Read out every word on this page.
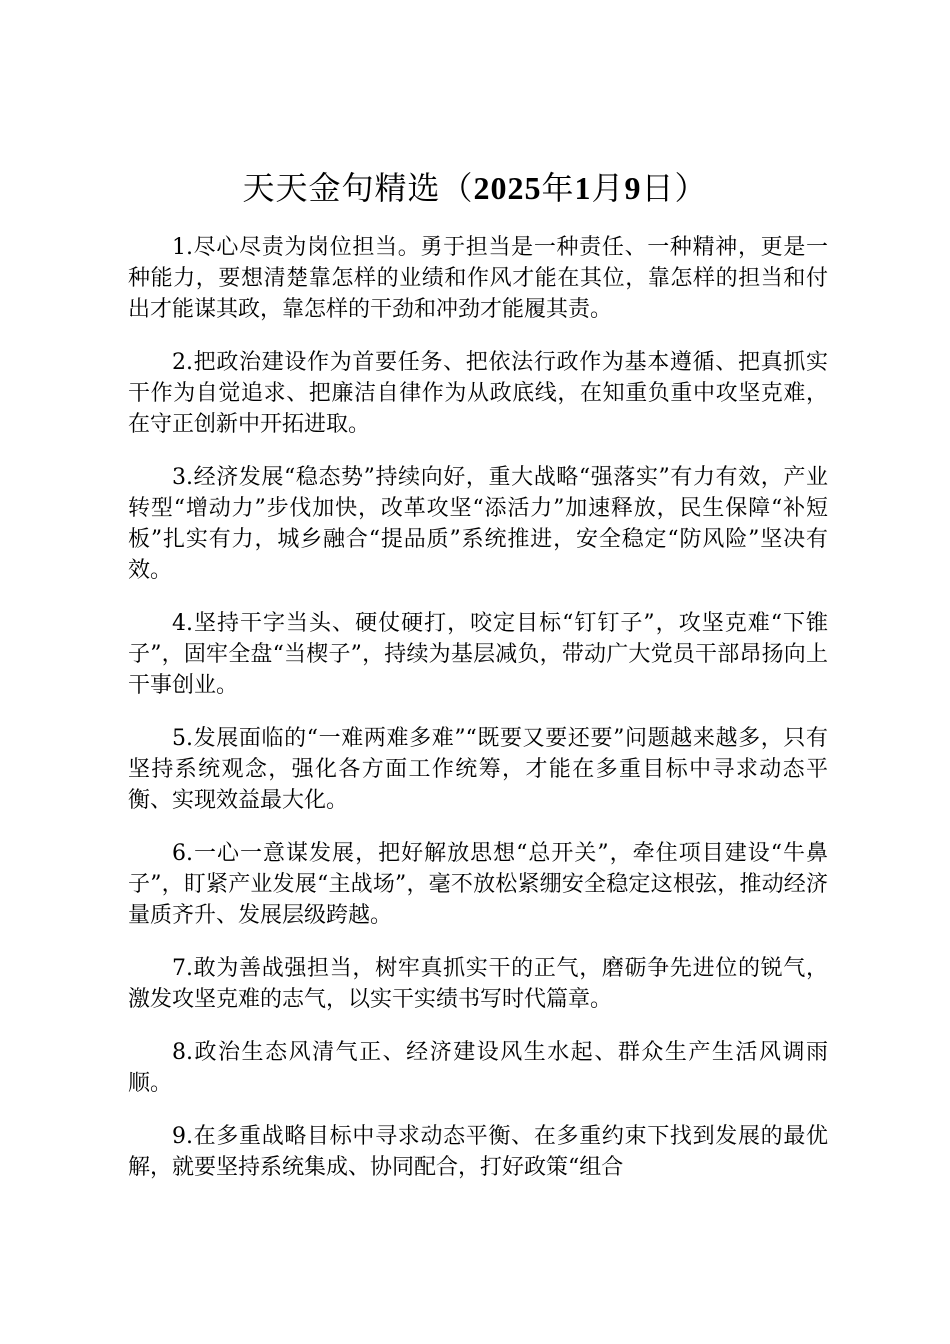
天天金句精选（2025年1月9日）

1.尽心尽责为岗位担当。勇于担当是一种责任、一种精神，更是一种能力，要想清楚靠怎样的业绩和作风才能在其位，靠怎样的担当和付出才能谋其政，靠怎样的干劲和冲劲才能履其责。

2.把政治建设作为首要任务、把依法行政作为基本遵循、把真抓实干作为自觉追求、把廉洁自律作为从政底线，在知重负重中攻坚克难，在守正创新中开拓进取。

3.经济发展“稳态势”持续向好，重大战略“强落实”有力有效，产业转型“增动力”步伐加快，改革攻坚“添活力”加速释放，民生保障“补短板”扎实有力，城乡融合“提品质”系统推进，安全稳定“防风险”坚决有效。

4.坚持干字当头、硬仗硬打，咬定目标“钉钉子”，攻坚克难“下锥子”，固牢全盘“当楔子”，持续为基层减负，带动广大党员干部昂扬向上干事创业。

5.发展面临的“一难两难多难”“既要又要还要”问题越来越多，只有坚持系统观念，强化各方面工作统筹，才能在多重目标中寻求动态平衡、实现效益最大化。

6.一心一意谋发展，把好解放思想“总开关”，牵住项目建设“牛鼻子”，盯紧产业发展“主战场”，毫不放松紧绷安全稳定这根弦，推动经济量质齐升、发展层级跨越。

7.敢为善战强担当，树牢真抓实干的正气，磨砺争先进位的锐气，激发攻坚克难的志气，以实干实绩书写时代篇章。

8.政治生态风清气正、经济建设风生水起、群众生产生活风调雨顺。

9.在多重战略目标中寻求动态平衡、在多重约束下找到发展的最优解，就要坚持系统集成、协同配合，打好政策“组合
